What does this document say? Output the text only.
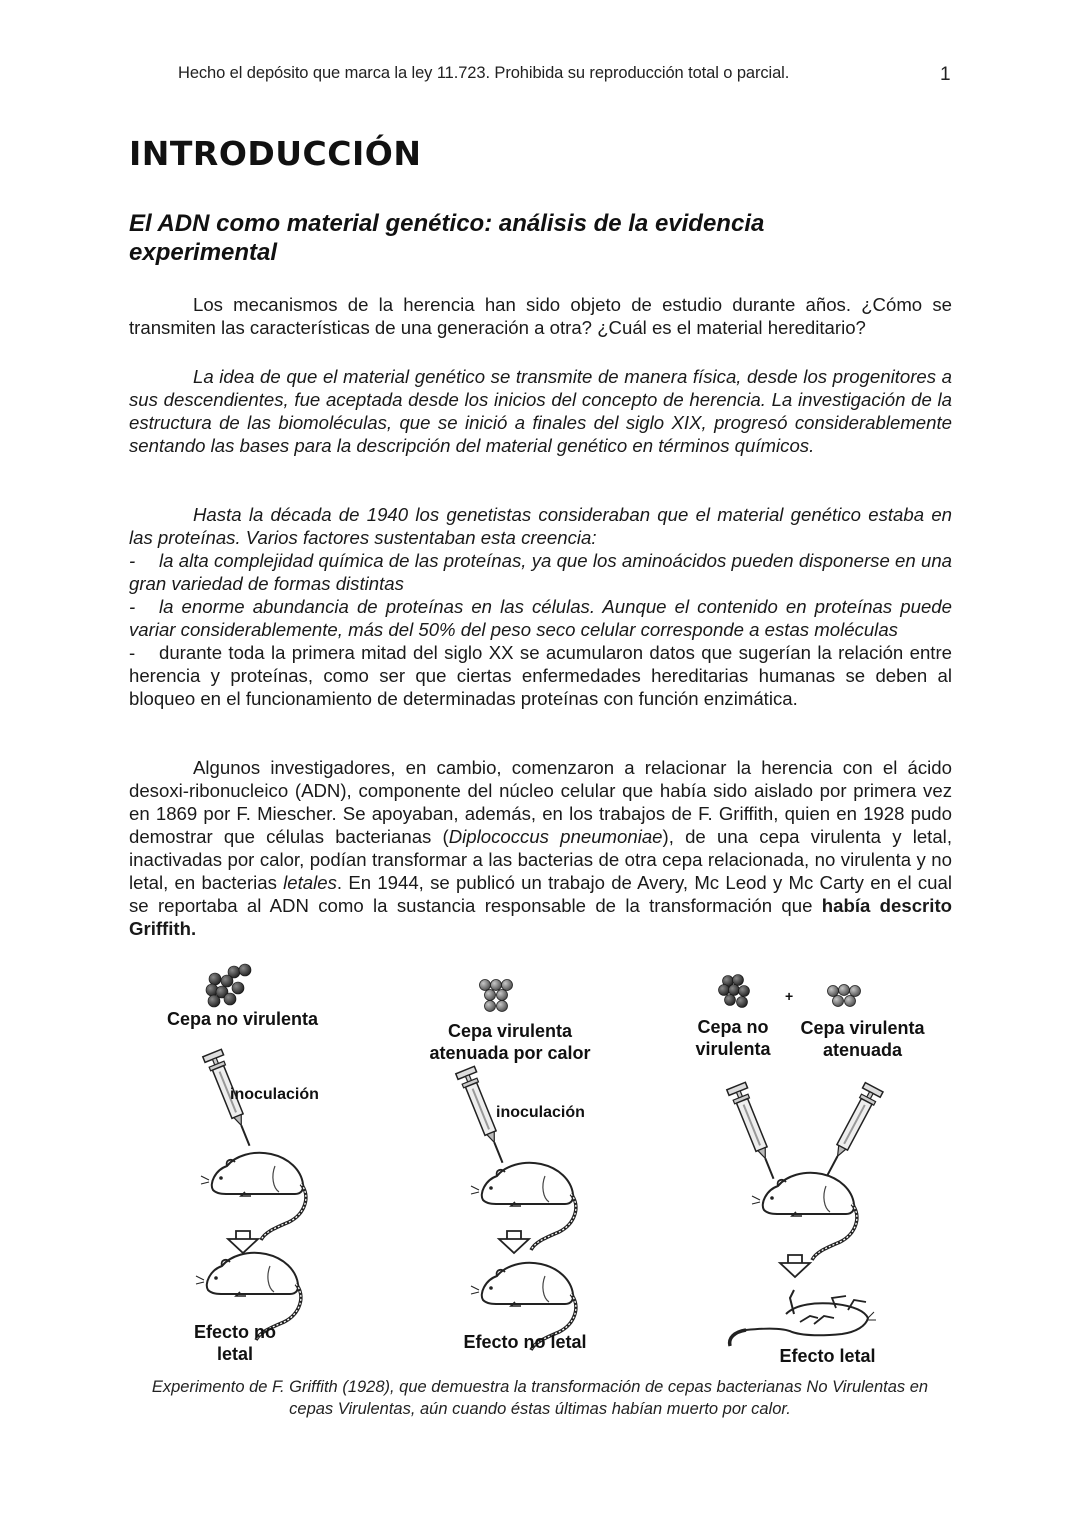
Hecho el depósito que marca la ley 11.723. Prohibida su reproducción total o parcial.	1
INTRODUCCIÓN
El ADN como material genético: análisis de la evidencia experimental
Los mecanismos de la herencia han sido objeto de estudio durante años. ¿Cómo se transmiten las características de una generación a otra? ¿Cuál es el material hereditario?
La idea de que el material genético se transmite de manera física, desde los progenitores a sus descendientes, fue aceptada desde los inicios del concepto de herencia. La investigación de la estructura de las biomoléculas, que se inició a finales del siglo XIX, progresó considerablemente sentando las bases para la descripción del material genético en términos químicos.
Hasta la década de 1940 los genetistas consideraban que el material genético estaba en las proteínas. Varios factores sustentaban esta creencia:
- la alta complejidad química de las proteínas, ya que los aminoácidos pueden disponerse en una gran variedad de formas distintas
- la enorme abundancia de proteínas en las células. Aunque el contenido en proteínas puede variar considerablemente, más del 50% del peso seco celular corresponde a estas moléculas
- durante toda la primera mitad del siglo XX se acumularon datos que sugerían la relación entre herencia y proteínas, como ser que ciertas enfermedades hereditarias humanas se deben al bloqueo en el funcionamiento de determinadas proteínas con función enzimática.
Algunos investigadores, en cambio, comenzaron a relacionar la herencia con el ácido desoxi-ribonucleico (ADN), componente del núcleo celular que había sido aislado por primera vez en 1869 por F. Miescher. Se apoyaban, además, en los trabajos de F. Griffith, quien en 1928 pudo demostrar que células bacterianas (Diplococcus pneumoniae), de una cepa virulenta y letal, inactivadas por calor, podían transformar a las bacterias de otra cepa relacionada, no virulenta y no letal, en bacterias letales. En 1944, se publicó un trabajo de Avery, Mc Leod y Mc Carty en el cual se reportaba al ADN como la sustancia responsable de la transformación que había descrito Griffith.
Cepa no virulenta
inoculación
Efecto no
letal
Cepa virulenta
atenuada por calor
inoculación
Efecto no letal
+
Cepa no
virulenta
Cepa virulenta
atenuada
Efecto letal
Experimento de F. Griffith (1928), que demuestra la transformación de cepas bacterianas No Virulentas en cepas Virulentas, aún cuando éstas últimas habían muerto por calor.
